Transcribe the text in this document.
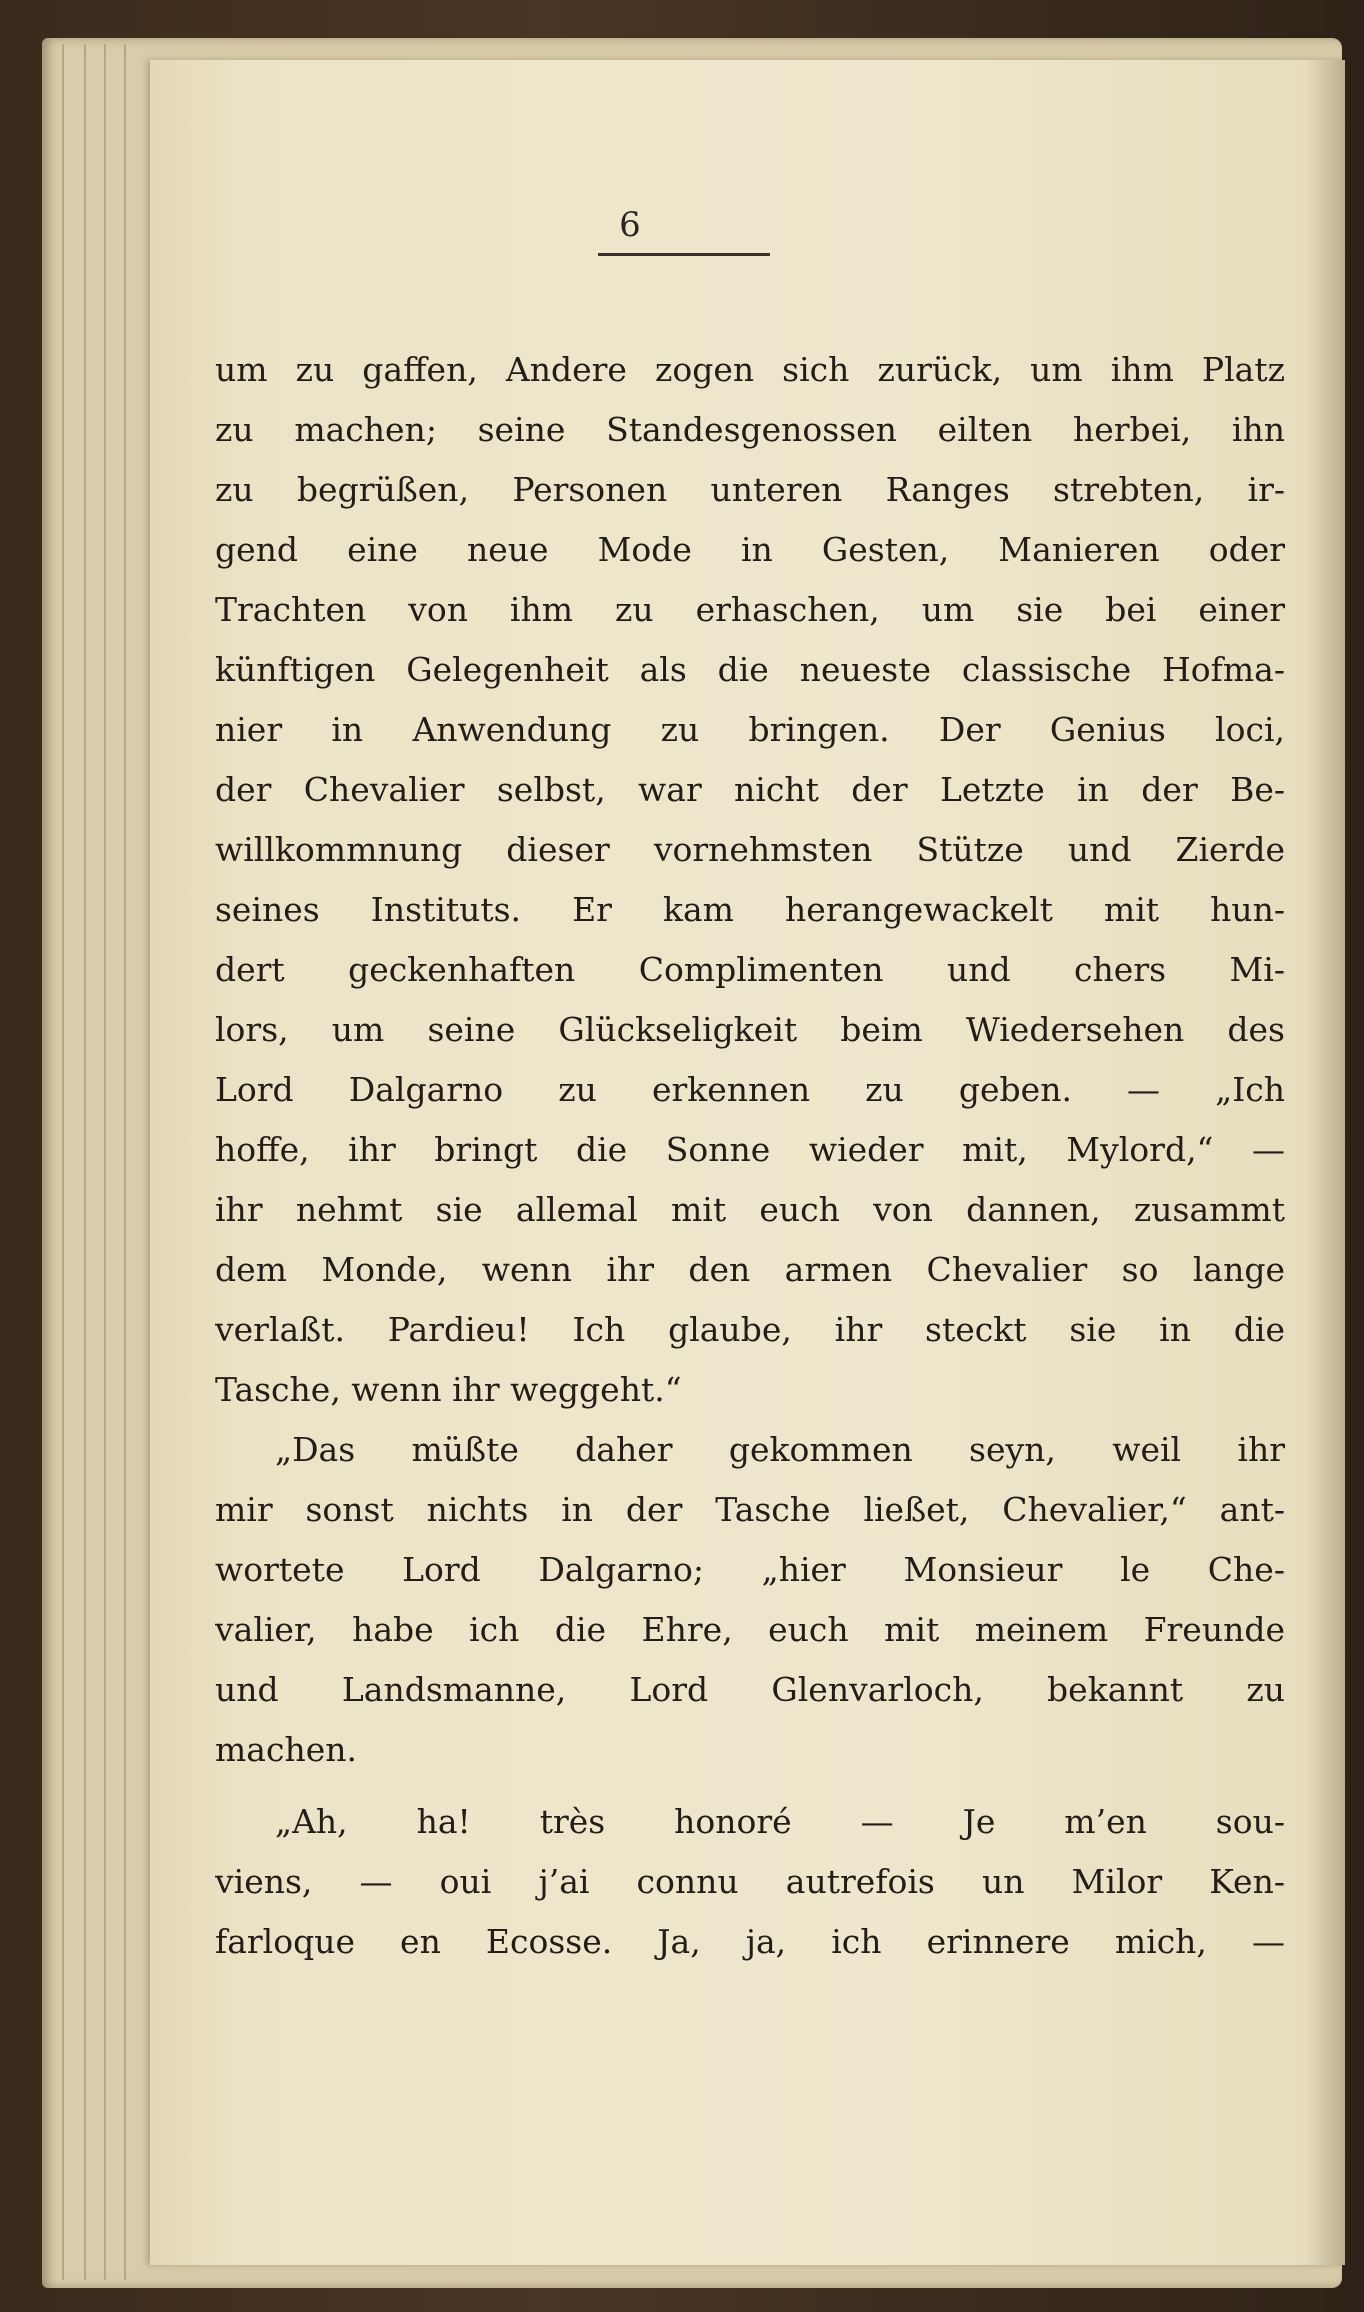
6
um zu gaffen, Andere zogen sich zurück, um ihm Platz
zu machen; seine Standesgenossen eilten herbei, ihn
zu begrüßen, Personen unteren Ranges strebten, ir-
gend eine neue Mode in Gesten, Manieren oder
Trachten von ihm zu erhaschen, um sie bei einer
künftigen Gelegenheit als die neueste classische Hofma-
nier in Anwendung zu bringen. Der Genius loci,
der Chevalier selbst, war nicht der Letzte in der Be-
willkommnung dieser vornehmsten Stütze und Zierde
seines Instituts. Er kam herangewackelt mit hun-
dert geckenhaften Complimenten und chers Mi-
lors, um seine Glückseligkeit beim Wiedersehen des
Lord Dalgarno zu erkennen zu geben. — „Ich
hoffe, ihr bringt die Sonne wieder mit, Mylord,“ —
ihr nehmt sie allemal mit euch von dannen, zusammt
dem Monde, wenn ihr den armen Chevalier so lange
verlaßt. Pardieu! Ich glaube, ihr steckt sie in die
Tasche, wenn ihr weggeht.“
„Das müßte daher gekommen seyn, weil ihr
mir sonst nichts in der Tasche ließet, Chevalier,“ ant-
wortete Lord Dalgarno; „hier Monsieur le Che-
valier, habe ich die Ehre, euch mit meinem Freunde
und Landsmanne, Lord Glenvarloch, bekannt zu
machen.
„Ah, ha! très honoré — Je m’en sou-
viens, — oui j’ai connu autrefois un Milor Ken-
farloque en Ecosse. Ja, ja, ich erinnere mich, —
